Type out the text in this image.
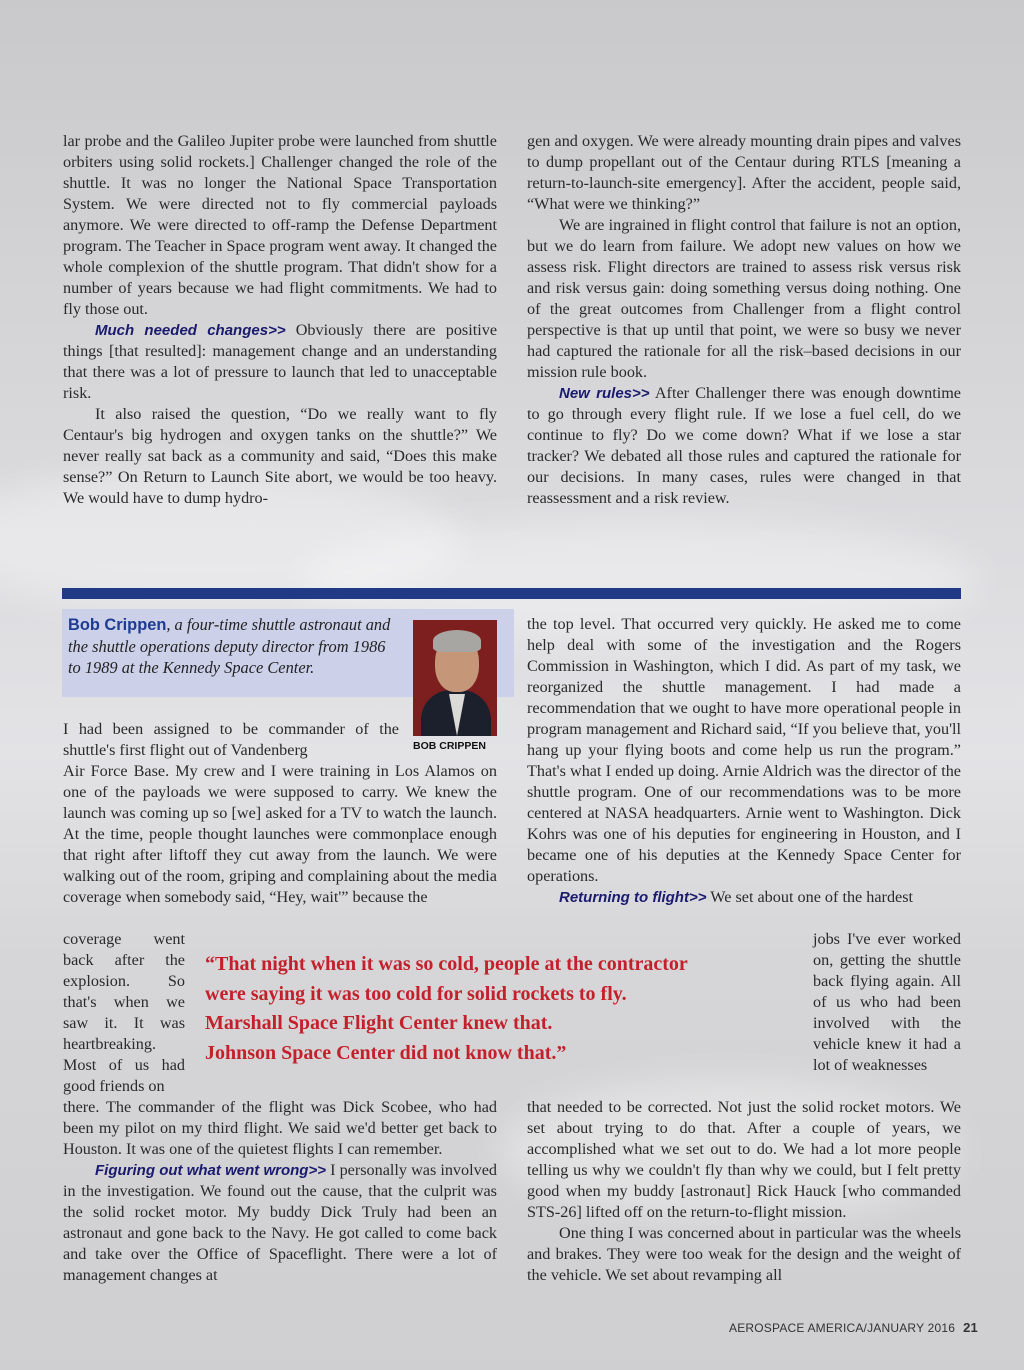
lar probe and the Galileo Jupiter probe were launched from shuttle orbiters using solid rockets.] Challenger changed the role of the shuttle. It was no longer the National Space Transportation System. We were directed not to fly commercial payloads anymore. We were directed to off-ramp the Defense Department program. The Teacher in Space program went away. It changed the whole complexion of the shuttle program. That didn't show for a number of years because we had flight commitments. We had to fly those out.

Much needed changes>> Obviously there are positive things [that resulted]: management change and an understanding that there was a lot of pressure to launch that led to unacceptable risk.

It also raised the question, “Do we really want to fly Centaur's big hydrogen and oxygen tanks on the shuttle?” We never really sat back as a community and said, “Does this make sense?” On Return to Launch Site abort, we would be too heavy. We would have to dump hydro-

gen and oxygen. We were already mounting drain pipes and valves to dump propellant out of the Centaur during RTLS [meaning a return-to-launch-site emergency]. After the accident, people said, “What were we thinking?”

We are ingrained in flight control that failure is not an option, but we do learn from failure. We adopt new values on how we assess risk. Flight directors are trained to assess risk versus risk and risk versus gain: doing something versus doing nothing. One of the great outcomes from Challenger from a flight control perspective is that up until that point, we were so busy we never had captured the rationale for all the risk–based decisions in our mission rule book.

New rules>> After Challenger there was enough downtime to go through every flight rule. If we lose a fuel cell, do we continue to fly? Do we come down? What if we lose a star tracker? We debated all those rules and captured the rationale for our decisions. In many cases, rules were changed in that reassessment and a risk review.

Bob Crippen, a four-time shuttle astronaut and the shuttle operations deputy director from 1986 to 1989 at the Kennedy Space Center.
BOB CRIPPEN

I had been assigned to be commander of the shuttle's first flight out of Vandenberg

Air Force Base. My crew and I were training in Los Alamos on one of the payloads we were supposed to carry. We knew the launch was coming up so [we] asked for a TV to watch the launch. At the time, people thought launches were commonplace enough that right after liftoff they cut away from the launch. We were walking out of the room, griping and complaining about the media coverage when somebody said, “Hey, wait'” because the

coverage went back after the explosion. So that's when we saw it. It was heartbreaking. Most of us had good friends on

there. The commander of the flight was Dick Scobee, who had been my pilot on my third flight. We said we'd better get back to Houston. It was one of the quietest flights I can remember.

Figuring out what went wrong>> I personally was involved in the investigation. We found out the cause, that the culprit was the solid rocket motor. My buddy Dick Truly had been an astronaut and gone back to the Navy. He got called to come back and take over the Office of Spaceflight. There were a lot of management changes at

the top level. That occurred very quickly. He asked me to come help deal with some of the investigation and the Rogers Commission in Washington, which I did. As part of my task, we reorganized the shuttle management. I had made a recommendation that we ought to have more operational people in program management and Richard said, “If you believe that, you'll hang up your flying boots and come help us run the program.” That's what I ended up doing. Arnie Aldrich was the director of the shuttle program. One of our recommendations was to be more centered at NASA headquarters. Arnie went to Washington. Dick Kohrs was one of his deputies for engineering in Houston, and I became one of his deputies at the Kennedy Space Center for operations.

Returning to flight>> We set about one of the hardest

jobs I've ever worked on, getting the shuttle back flying again. All of us who had been involved with the vehicle knew it had a lot of weaknesses

that needed to be corrected. Not just the solid rocket motors. We set about trying to do that. After a couple of years, we accomplished what we set out to do. We had a lot more people telling us why we couldn't fly than why we could, but I felt pretty good when my buddy [astronaut] Rick Hauck [who commanded STS-26] lifted off on the return-to-flight mission.

One thing I was concerned about in particular was the wheels and brakes. They were too weak for the design and the weight of the vehicle. We set about revamping all

“That night when it was so cold, people at the contractor

were saying it was too cold for solid rockets to fly.

Marshall Space Flight Center knew that.

Johnson Space Center did not know that.”

AEROSPACE AMERICA/JANUARY 2016 21
